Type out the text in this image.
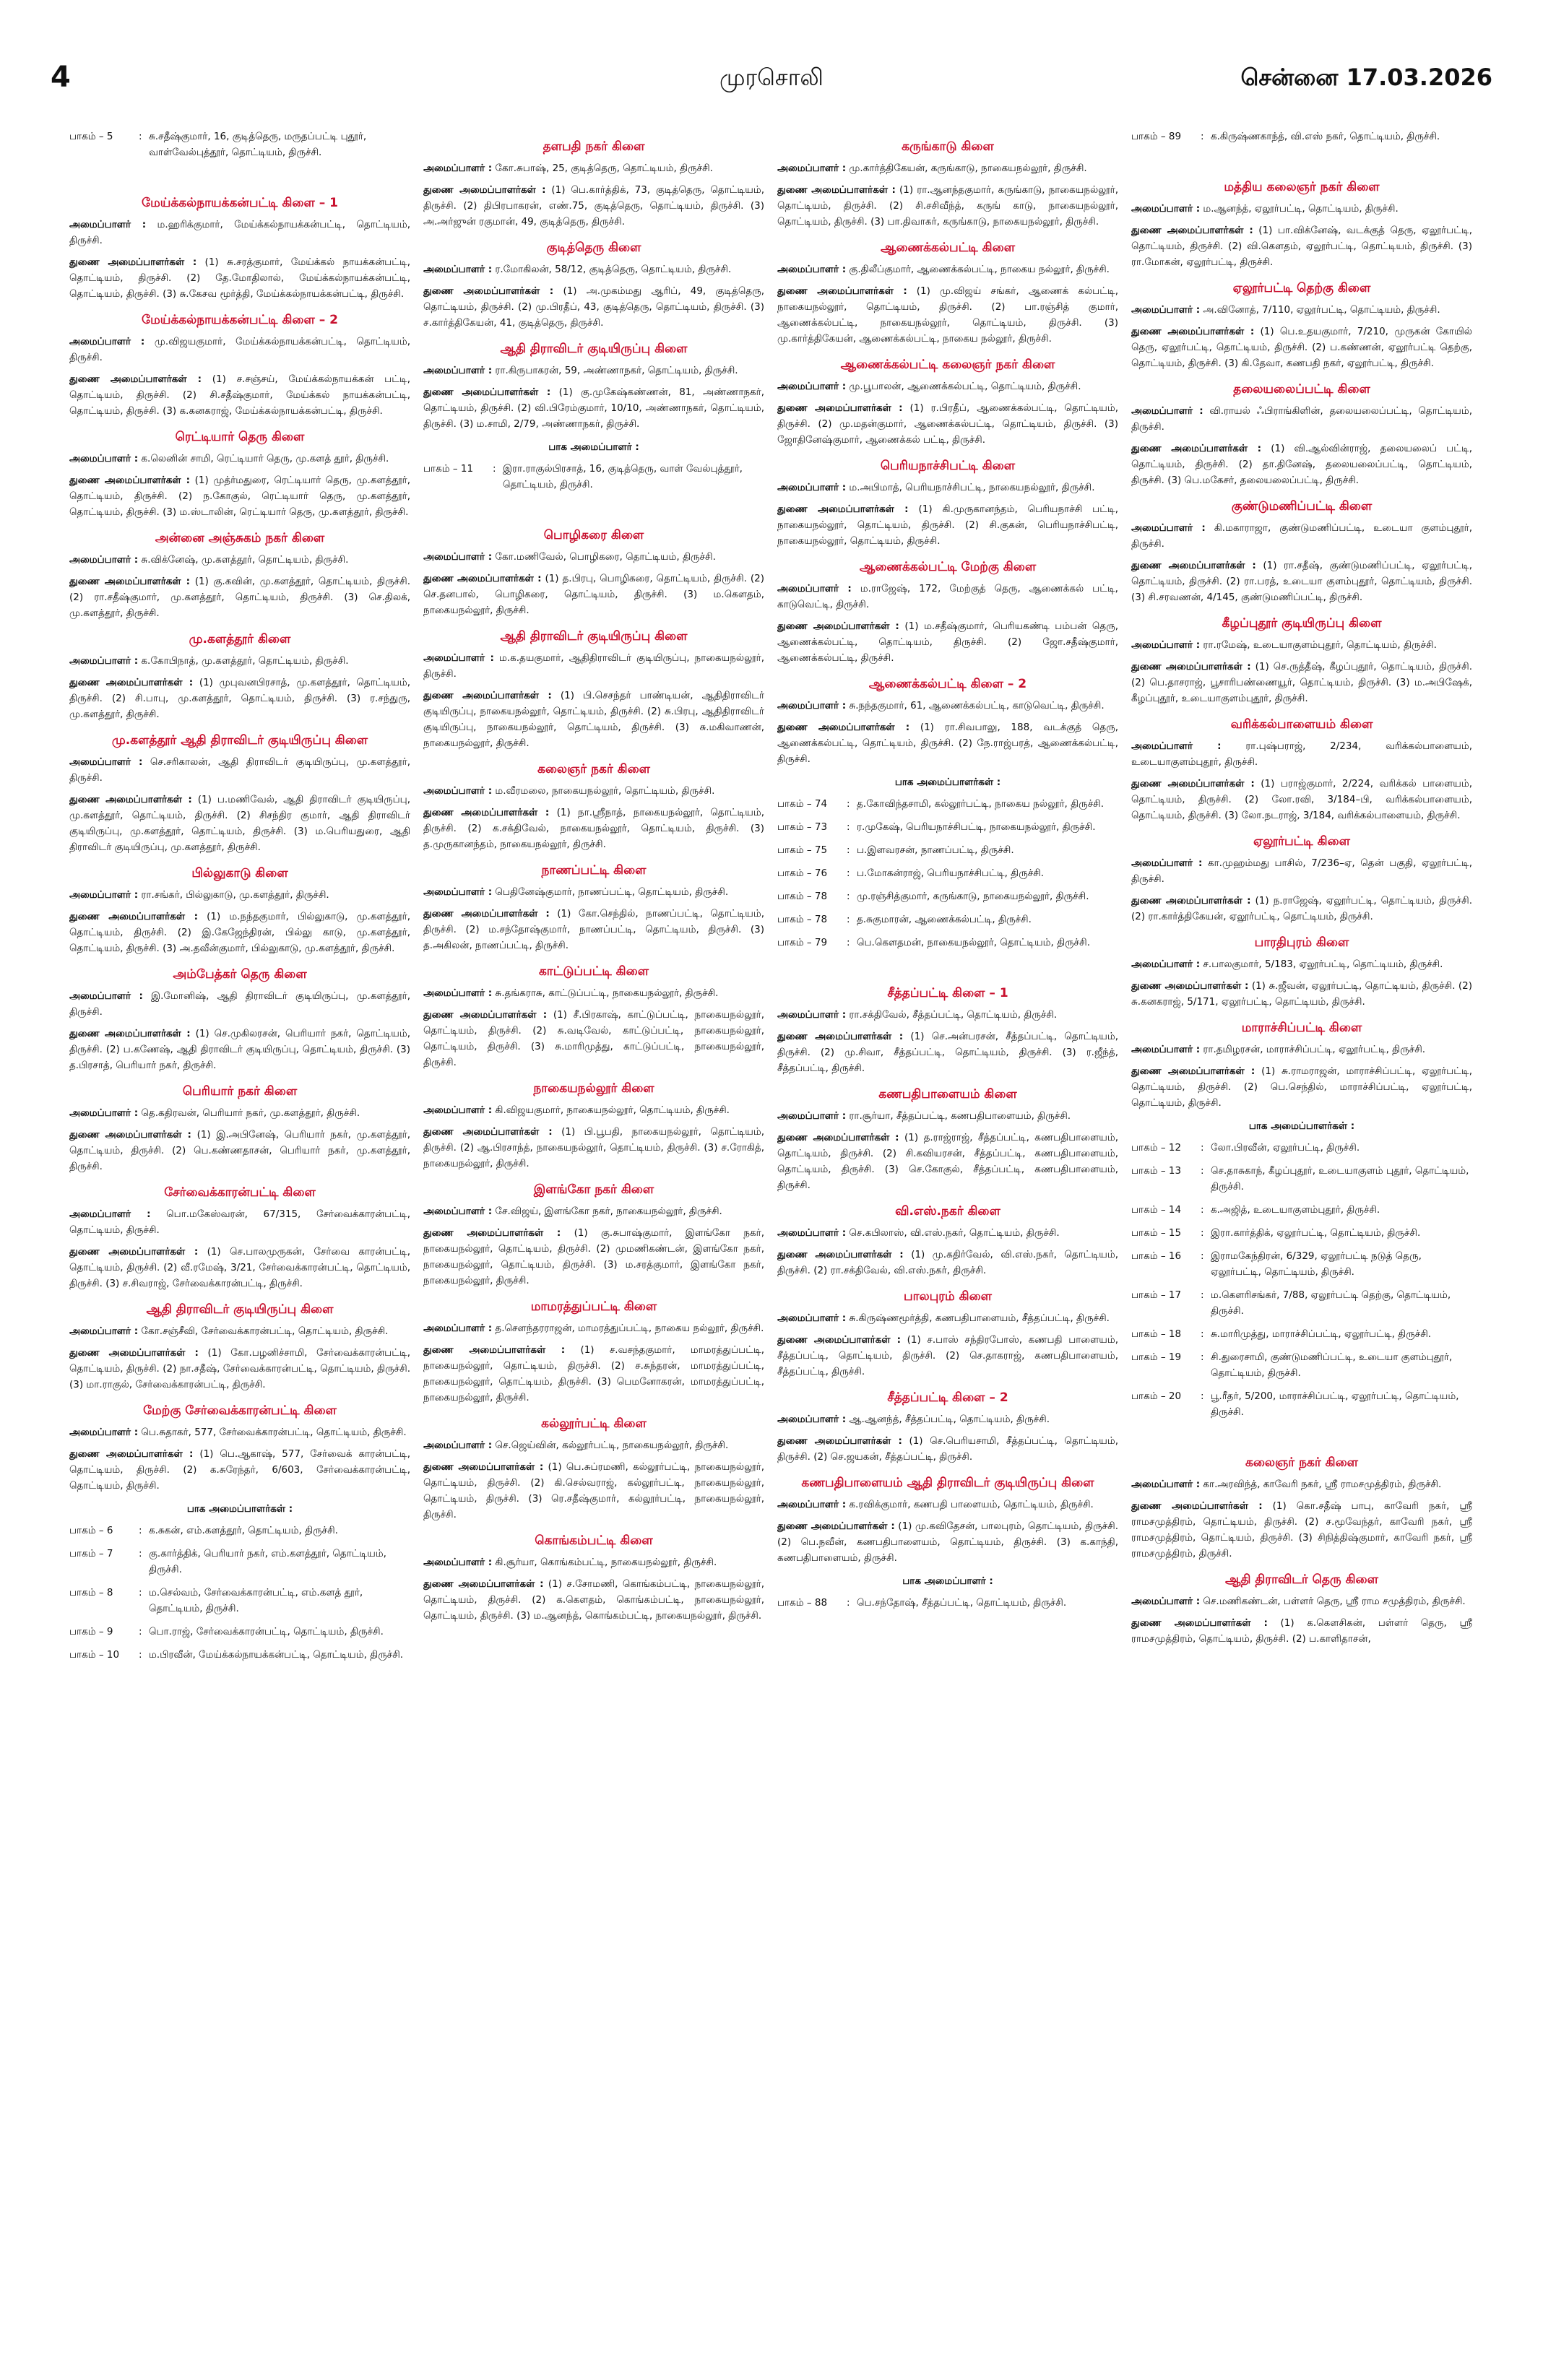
4	முரசொலி	சென்னை 17.03.2026
பாகம் – 5	: சு.சதீஷ்குமார், 16, குடித்தெரு, மருதப்பட்டி புதூர், வாள்வேல்புத்தூர், தொட்டியம், திருச்சி.
மேய்க்கல்நாயக்கன்பட்டி கிளை – 1
அமைப்பாளர் : ம.ஹரிக்குமார், மேய்க்கல்நாயக்கன்பட்டி, தொட்டியம், திருச்சி.
துணை அமைப்பாளர்கள் : (1) சு.சரத்குமார், மேய்க்கல் நாயக்கன்பட்டி, தொட்டியம், திருச்சி. (2) தே.மோதிலால், மேய்க்கல்நாயக்கன்பட்டி, தொட்டியம், திருச்சி. (3) சு.கேசவ மூர்த்தி, மேய்க்கல்நாயக்கன்பட்டி, திருச்சி.
மேய்க்கல்நாயக்கன்பட்டி கிளை – 2
அமைப்பாளர் : மு.விஜயகுமார், மேய்க்கல்நாயக்கன்பட்டி, தொட்டியம், திருச்சி.
துணை அமைப்பாளர்கள் : (1) ச.சஞ்சய், மேய்க்கல்நாயக்கன் பட்டி, தொட்டியம், திருச்சி. (2) சி.சதீஷ்குமார், மேய்க்கல் நாயக்கன்பட்டி, தொட்டியம், திருச்சி. (3) க.கனகராஜ், மேய்க்கல்நாயக்கன்பட்டி, திருச்சி.
ரெட்டியார் தெரு கிளை
அமைப்பாளர் : க.லெனின் சாமி, ரெட்டியார் தெரு, மு.களத் தூர், திருச்சி.
துணை அமைப்பாளர்கள் : (1) முத்ர்மதுரை, ரெட்டியார் தெரு, மு.களத்தூர், தொட்டியம், திருச்சி. (2) ந.கோகுல், ரெட்டியார் தெரு, மு.களத்தூர், தொட்டியம், திருச்சி. (3) ம.ஸ்டாலின், ரெட்டியார் தெரு, மு.களத்தூர், திருச்சி.
அன்னை அஞ்சுகம் நகர் கிளை
அமைப்பாளர் : சு.விக்னேஷ், மு.களத்தூர், தொட்டியம், திருச்சி.
துணை அமைப்பாளர்கள் : (1) கு.கவின், மு.களத்தூர், தொட்டியம், திருச்சி. (2) ரா.சதீஷ்குமார், மு.களத்தூர், தொட்டியம், திருச்சி. (3) செ.திலக், மு.களத்தூர், திருச்சி.
மு.களத்தூர் கிளை
அமைப்பாளர் : க.கோபிநாத், மு.களத்தூர், தொட்டியம், திருச்சி.
துணை அமைப்பாளர்கள் : (1) முபுவனபிரசாத், மு.களத்தூர், தொட்டியம், திருச்சி. (2) சி.பாபு, மு.களத்தூர், தொட்டியம், திருச்சி. (3) ர.சந்துரு, மு.களத்தூர், திருச்சி.
மு.களத்தூர் ஆதி திராவிடர் குடியிருப்பு கிளை
அமைப்பாளர் : செ.சரிகாலன், ஆதி திராவிடர் குடியிருப்பு, மு.களத்தூர், திருச்சி.
துணை அமைப்பாளர்கள் : (1) ப.மணிவேல், ஆதி திராவிடர் குடியிருப்பு, மு.களத்தூர், தொட்டியம், திருச்சி. (2) சிசந்திர குமார், ஆதி திராவிடர் குடியிருப்பு, மு.களத்தூர், தொட்டியம், திருச்சி. (3) ம.பெரியதுரை, ஆதி திராவிடர் குடியிருப்பு, மு.களத்தூர், திருச்சி.
பில்லுகாடு கிளை
அமைப்பாளர் : ரா.சங்கர், பில்லுகாடு, மு.களத்தூர், திருச்சி.
துணை அமைப்பாளர்கள் : (1) ம.நந்தகுமார், பில்லுகாடு, மு.களத்தூர், தொட்டியம், திருச்சி. (2) இ.கேஜேந்திரன், பில்லு காடு, மு.களத்தூர், தொட்டியம், திருச்சி. (3) அ.தவீன்குமார், பில்லுகாடு, மு.களத்தூர், திருச்சி.
அம்பேத்கர் தெரு கிளை
அமைப்பாளர் : இ.மோனிஷ், ஆதி திராவிடர் குடியிருப்பு, மு.களத்தூர், திருச்சி.
துணை அமைப்பாளர்கள் : (1) செ.முகிலரசன், பெரியார் நகர், தொட்டியம், திருச்சி. (2) ப.கணேஷ், ஆதி திராவிடர் குடியிருப்பு, தொட்டியம், திருச்சி. (3) த.பிரசாத், பெரியார் நகர், திருச்சி.
பெரியார் நகர் கிளை
அமைப்பாளர் : தெ.கதிரவன், பெரியார் நகர், மு.களத்தூர், திருச்சி.
துணை அமைப்பாளர்கள் : (1) இ.அபினேஷ், பெரியார் நகர், மு.களத்தூர், தொட்டியம், திருச்சி. (2) பெ.கண்ணதாசன், பெரியார் நகர், மு.களத்தூர், திருச்சி.
சேர்வைக்காரன்பட்டி கிளை
அமைப்பாளர் : பொ.மகேஸ்வரன், 67/315, சேர்வைக்காரன்பட்டி, தொட்டியம், திருச்சி.
துணை அமைப்பாளர்கள் : (1) செ.பாலமுருகன், சேர்வை காரன்பட்டி, தொட்டியம், திருச்சி. (2) வீ.ரமேஷ், 3/21, சேர்வைக்காரன்பட்டி, தொட்டியம், திருச்சி. (3) ச.சிவராஜ், சேர்வைக்காரன்பட்டி, திருச்சி.
ஆதி திராவிடர் குடியிருப்பு கிளை
அமைப்பாளர் : கோ.சஞ்சீவி, சேர்வைக்காரன்பட்டி, தொட்டியம், திருச்சி.
துணை அமைப்பாளர்கள் : (1) கோ.பழனிச்சாமி, சேர்வைக்காரன்பட்டி, தொட்டியம், திருச்சி. (2) நா.சதீஷ், சேர்வைக்காரன்பட்டி, தொட்டியம், திருச்சி. (3) மா.ராகுல், சேர்வைக்காரன்பட்டி, திருச்சி.
மேற்கு சேர்வைக்காரன்பட்டி கிளை
அமைப்பாளர் : பெ.சுதாகர், 577, சேர்வைக்காரன்பட்டி, தொட்டியம், திருச்சி.
துணை அமைப்பாளர்கள் : (1) பெ.ஆகாஷ், 577, சேர்வைக் காரன்பட்டி, தொட்டியம், திருச்சி. (2) க.சுரேந்தர், 6/603, சேர்வைக்காரன்பட்டி, தொட்டியம், திருச்சி.
பாக அமைப்பாளர்கள் :
பாகம் – 6	: க.சுகன், எம்.களத்தூர், தொட்டியம், திருச்சி.
பாகம் – 7	: கு.கார்த்திக், பெரியார் நகர், எம்.களத்தூர், தொட்டியம், திருச்சி.
பாகம் – 8	: ம.செல்வம், சேர்வைக்காரன்பட்டி, எம்.களத் தூர், தொட்டியம், திருச்சி.
பாகம் – 9	: பொ.ராஜ், சேர்வைக்காரன்பட்டி, தொட்டியம், திருச்சி.
பாகம் – 10	: ம.பிரவீன், மேய்க்கல்நாயக்கன்பட்டி, தொட்டியம், திருச்சி.
தளபதி நகர் கிளை
அமைப்பாளர் : கோ.சுபாஷ், 25, குடித்தெரு, தொட்டியம், திருச்சி.
துணை அமைப்பாளர்கள் : (1) பெ.கார்த்திக், 73, குடித்தெரு, தொட்டியம், திருச்சி. (2) திபிரபாகரன், எண்.75, குடித்தெரு, தொட்டியம், திருச்சி. (3) அ.அர்ஜுன் ரகுமான், 49, குடித்தெரு, திருச்சி.
குடித்தெரு கிளை
அமைப்பாளர் : ர.மோகிலன், 58/12, குடித்தெரு, தொட்டியம், திருச்சி.
துணை அமைப்பாளர்கள் : (1) அ.முகம்மது ஆரிப், 49, குடித்தெரு, தொட்டியம், திருச்சி. (2) மு.பிரதீப், 43, குடித்தெரு, தொட்டியம், திருச்சி. (3) ச.கார்த்திகேயன், 41, குடித்தெரு, திருச்சி.
ஆதி திராவிடர் குடியிருப்பு கிளை
அமைப்பாளர் : ரா.கிருபாகரன், 59, அண்ணாநகர், தொட்டியம், திருச்சி.
துணை அமைப்பாளர்கள் : (1) கு.முகேஷ்கண்ணன், 81, அண்ணாநகர், தொட்டியம், திருச்சி. (2) வி.பிரேம்குமார், 10/10, அண்ணாநகர், தொட்டியம், திருச்சி. (3) ம.சாமி, 2/79, அண்ணாநகர், திருச்சி.
பாக அமைப்பாளர் :
பாகம் – 11	: இரா.ராகுல்பிரசாத், 16, குடித்தெரு, வாள் வேல்புத்தூர், தொட்டியம், திருச்சி.
பொழிகரை கிளை
அமைப்பாளர் : கோ.மணிவேல், பொழிகரை, தொட்டியம், திருச்சி.
துணை அமைப்பாளர்கள் : (1) த.பிரபு, பொழிகரை, தொட்டியம், திருச்சி. (2) செ.தனபால், பொழிகரை, தொட்டியம், திருச்சி. (3) ம.கௌதம், நாகையநல்லூர், திருச்சி.
ஆதி திராவிடர் குடியிருப்பு கிளை
அமைப்பாளர் : ம.க.தயகுமார், ஆதிதிராவிடர் குடியிருப்பு, நாகையநல்லூர், திருச்சி.
துணை அமைப்பாளர்கள் : (1) பி.செசந்தர் பாண்டியன், ஆதிதிராவிடர் குடியிருப்பு, நாகையநல்லூர், தொட்டியம், திருச்சி. (2) சு.பிரபு, ஆதிதிராவிடர் குடியிருப்பு, நாகையநல்லூர், தொட்டியம், திருச்சி. (3) சு.மகிவாணன், நாகையநல்லூர், திருச்சி.
கலைஞர் நகர் கிளை
அமைப்பாளர் : ம.வீரமலை, நாகையநல்லூர், தொட்டியம், திருச்சி.
துணை அமைப்பாளர்கள் : (1) நா.ஸ்ரீநாத், நாகையநல்லூர், தொட்டியம், திருச்சி. (2) க.சக்திவேல், நாகையநல்லூர், தொட்டியம், திருச்சி. (3) த.முருகானந்தம், நாகையநல்லூர், திருச்சி.
நாணப்பட்டி கிளை
அமைப்பாளர் : பெதினேஷ்குமார், நாணப்பட்டி, தொட்டியம், திருச்சி.
துணை அமைப்பாளர்கள் : (1) கோ.செந்தில், நாணப்பட்டி, தொட்டியம், திருச்சி. (2) ம.சந்தோஷ்குமார், நாணப்பட்டி, தொட்டியம், திருச்சி. (3) த.அகிலன், நாணப்பட்டி, திருச்சி.
காட்டுப்பட்டி கிளை
அமைப்பாளர் : சு.தங்கராசு, காட்டுப்பட்டி, நாகையநல்லூர், திருச்சி.
துணை அமைப்பாளர்கள் : (1) சீ.பிரகாஷ், காட்டுப்பட்டி, நாகையநல்லூர், தொட்டியம், திருச்சி. (2) சு.வடிவேல், காட்டுப்பட்டி, நாகையநல்லூர், தொட்டியம், திருச்சி. (3) சு.மாரிமுத்து, காட்டுப்பட்டி, நாகையநல்லூர், திருச்சி.
நாகையநல்லூர் கிளை
அமைப்பாளர் : கி.விஜயகுமார், நாகையநல்லூர், தொட்டியம், திருச்சி.
துணை அமைப்பாளர்கள் : (1) பி.பூபதி, நாகையநல்லூர், தொட்டியம், திருச்சி. (2) ஆ.பிரசாந்த், நாகையநல்லூர், தொட்டியம், திருச்சி. (3) ச.ரோகித், நாகையநல்லூர், திருச்சி.
இளங்கோ நகர் கிளை
அமைப்பாளர் : சே.விஜய், இளங்கோ நகர், நாகையநல்லூர், திருச்சி.
துணை அமைப்பாளர்கள் : (1) கு.சுபாஷ்குமார், இளங்கோ நகர், நாகையநல்லூர், தொட்டியம், திருச்சி. (2) முமணிகண்டன், இளங்கோ நகர், நாகையநல்லூர், தொட்டியம், திருச்சி. (3) ம.சரத்குமார், இளங்கோ நகர், நாகையநல்லூர், திருச்சி.
மாமரத்துப்பட்டி கிளை
அமைப்பாளர் : த.சௌந்தரராஜன், மாமரத்துப்பட்டி, நாகைய நல்லூர், திருச்சி.
துணை அமைப்பாளர்கள் : (1) ச.வசந்தகுமார், மாமரத்துப்பட்டி, நாகையநல்லூர், தொட்டியம், திருச்சி. (2) ச.சுந்தரன், மாமரத்துப்பட்டி, நாகையநல்லூர், தொட்டியம், திருச்சி. (3) பெமனோகரன், மாமரத்துப்பட்டி, நாகையநல்லூர், திருச்சி.
கல்லூர்பட்டி கிளை
அமைப்பாளர் : செ.ஜெய்வின், கல்லூர்பட்டி, நாகையநல்லூர், திருச்சி.
துணை அமைப்பாளர்கள் : (1) பெ.சுப்ரமணி, கல்லூர்பட்டி, நாகையநல்லூர், தொட்டியம், திருச்சி. (2) கி.செல்வராஜ், கல்லூர்பட்டி, நாகையநல்லூர், தொட்டியம், திருச்சி. (3) ரெ.சதீஷ்குமார், கல்லூர்பட்டி, நாகையநல்லூர், திருச்சி.
கொங்கம்பட்டி கிளை
அமைப்பாளர் : கி.சூர்யா, கொங்கம்பட்டி, நாகையநல்லூர், திருச்சி.
துணை அமைப்பாளர்கள் : (1) ச.சோமணி, கொங்கம்பட்டி, நாகையநல்லூர், தொட்டியம், திருச்சி. (2) க.கௌதம், கொங்கம்பட்டி, நாகையநல்லூர், தொட்டியம், திருச்சி. (3) ம.ஆனந்த், கொங்கம்பட்டி, நாகையநல்லூர், திருச்சி.
கருங்காடு கிளை
அமைப்பாளர் : மு.கார்த்திகேயன், கருங்காடு, நாகையநல்லூர், திருச்சி.
துணை அமைப்பாளர்கள் : (1) ரா.ஆனந்தகுமார், கருங்காடு, நாகையநல்லூர், தொட்டியம், திருச்சி. (2) சி.சசிவீந்த், கருங் காடு, நாகையநல்லூர், தொட்டியம், திருச்சி. (3) பா.திவாகர், கருங்காடு, நாகையநல்லூர், திருச்சி.
ஆணைக்கல்பட்டி கிளை
அமைப்பாளர் : கு.திலீப்குமார், ஆணைக்கல்பட்டி, நாகைய நல்லூர், திருச்சி.
துணை அமைப்பாளர்கள் : (1) மு.விஜய் சங்கர், ஆணைக் கல்பட்டி, நாகையநல்லூர், தொட்டியம், திருச்சி. (2) பா.ரஞ்சித் குமார், ஆணைக்கல்பட்டி, நாகையநல்லூர், தொட்டியம், திருச்சி. (3) மு.கார்த்திகேயன், ஆணைக்கல்பட்டி, நாகைய நல்லூர், திருச்சி.
ஆணைக்கல்பட்டி கலைஞர் நகர் கிளை
அமைப்பாளர் : மு.பூபாலன், ஆணைக்கல்பட்டி, தொட்டியம், திருச்சி.
துணை அமைப்பாளர்கள் : (1) ர.பிரதீப், ஆணைக்கல்பட்டி, தொட்டியம், திருச்சி. (2) மு.மதன்குமார், ஆணைக்கல்பட்டி, தொட்டியம், திருச்சி. (3) ஜோதினேஷ்குமார், ஆணைக்கல் பட்டி, திருச்சி.
பெரியநாச்சிபட்டி கிளை
அமைப்பாளர் : ம.அபிமாத், பெரியநாச்சிபட்டி, நாகையநல்லூர், திருச்சி.
துணை அமைப்பாளர்கள் : (1) கி.முருகானந்தம், பெரியநாச்சி பட்டி, நாகையநல்லூர், தொட்டியம், திருச்சி. (2) சி.குகன், பெரியநாச்சிபட்டி, நாகையநல்லூர், தொட்டியம், திருச்சி.
ஆணைக்கல்பட்டி மேற்கு கிளை
அமைப்பாளர் : ம.ராஜேஷ், 172, மேற்குத் தெரு, ஆணைக்கல் பட்டி, காடுவெட்டி, திருச்சி.
துணை அமைப்பாளர்கள் : (1) ம.சதீஷ்குமார், பெரியகண்டி பம்பன் தெரு, ஆணைக்கல்பட்டி, தொட்டியம், திருச்சி. (2) ஜோ.சதீஷ்குமார், ஆணைக்கல்பட்டி, திருச்சி.
ஆணைக்கல்பட்டி கிளை – 2
அமைப்பாளர் : சு.நந்தகுமார், 61, ஆணைக்கல்பட்டி, காடுவெட்டி, திருச்சி.
துணை அமைப்பாளர்கள் : (1) ரா.சிவபாலு, 188, வடக்குத் தெரு, ஆணைக்கல்பட்டி, தொட்டியம், திருச்சி. (2) நே.ராஜ்பரத், ஆணைக்கல்பட்டி, திருச்சி.
பாக அமைப்பாளர்கள் :
பாகம் – 74	: த.கோவிந்தசாமி, கல்லூர்பட்டி, நாகைய நல்லூர், திருச்சி.
பாகம் – 73	: ர.முகேஷ், பெரியநாச்சிபட்டி, நாகையநல்லூர், திருச்சி.
பாகம் – 75	: ப.இளவரசன், நாணப்பட்டி, திருச்சி.
பாகம் – 76	: ப.மோகன்ராஜ், பெரியநாச்சிபட்டி, திருச்சி.
பாகம் – 78	: மு.ரஞ்சித்குமார், கருங்காடு, நாகையநல்லூர், திருச்சி.
பாகம் – 78	: த.சுகுமாரன், ஆணைக்கல்பட்டி, திருச்சி.
பாகம் – 79	: பெ.கௌதமன், நாகையநல்லூர், தொட்டியம், திருச்சி.
சீத்தப்பட்டி கிளை – 1
அமைப்பாளர் : ரா.சக்திவேல், சீத்தப்பட்டி, தொட்டியம், திருச்சி.
துணை அமைப்பாளர்கள் : (1) செ.அன்பரசன், சீத்தப்பட்டி, தொட்டியம், திருச்சி. (2) மு.சிவா, சீத்தப்பட்டி, தொட்டியம், திருச்சி. (3) ர.ஜீந்த், சீத்தப்பட்டி, திருச்சி.
கணபதிபாளையம் கிளை
அமைப்பாளர் : ரா.சூர்யா, சீத்தப்பட்டி, கணபதிபாளையம், திருச்சி.
துணை அமைப்பாளர்கள் : (1) த.ராஜ்ராஜ், சீத்தப்பட்டி, கணபதிபாளையம், தொட்டியம், திருச்சி. (2) சி.கவியரசன், சீத்தப்பட்டி, கணபதிபாளையம், தொட்டியம், திருச்சி. (3) செ.கோகுல், சீத்தப்பட்டி, கணபதிபாளையம், திருச்சி.
வி.எஸ்.நகர் கிளை
அமைப்பாளர் : செ.கபிலாஸ், வி.எஸ்.நகர், தொட்டியம், திருச்சி.
துணை அமைப்பாளர்கள் : (1) மு.கதிர்வேல், வி.எஸ்.நகர், தொட்டியம், திருச்சி. (2) ரா.சக்திவேல், வி.எஸ்.நகர், திருச்சி.
பாலபுரம் கிளை
அமைப்பாளர் : சு.கிருஷ்ணமூர்த்தி, கணபதிபாளையம், சீத்தப்பட்டி, திருச்சி.
துணை அமைப்பாளர்கள் : (1) ச.பாஸ் சந்திரபோஸ், கணபதி பாளையம், சீத்தப்பட்டி, தொட்டியம், திருச்சி. (2) செ.தாகராஜ், கணபதிபாளையம், சீத்தப்பட்டி, திருச்சி.
சீத்தப்பட்டி கிளை – 2
அமைப்பாளர் : ஆ.ஆனந்த், சீத்தப்பட்டி, தொட்டியம், திருச்சி.
துணை அமைப்பாளர்கள் : (1) செ.பெரியசாமி, சீத்தப்பட்டி, தொட்டியம், திருச்சி. (2) செ.ஜயகன், சீத்தப்பட்டி, திருச்சி.
கணபதிபாளையம் ஆதி திராவிடர் குடியிருப்பு கிளை
அமைப்பாளர் : க.ரவிக்குமார், கணபதி பாளையம், தொட்டியம், திருச்சி.
துணை அமைப்பாளர்கள் : (1) மு.கவிதேசன், பாலபுரம், தொட்டியம், திருச்சி. (2) பெ.நவீன், கணபதிபாளையம், தொட்டியம், திருச்சி. (3) க.காந்தி, கணபதிபாளையம், திருச்சி.
பாக அமைப்பாளர் :
பாகம் – 88	: பெ.சந்தோஷ், சீத்தப்பட்டி, தொட்டியம், திருச்சி.
பாகம் – 89	: க.கிருஷ்ணகாந்த், வி.எஸ் நகர், தொட்டியம், திருச்சி.
மத்திய கலைஞர் நகர் கிளை
அமைப்பாளர் : ம.ஆனந்த், ஏலூர்பட்டி, தொட்டியம், திருச்சி.
துணை அமைப்பாளர்கள் : (1) பா.விக்னேஷ், வடக்குத் தெரு, ஏலூர்பட்டி, தொட்டியம், திருச்சி. (2) வி.கௌதம், ஏலூர்பட்டி, தொட்டியம், திருச்சி. (3) ரா.மோகன், ஏலூர்பட்டி, திருச்சி.
ஏலூர்பட்டி தெற்கு கிளை
அமைப்பாளர் : அ.வினோத், 7/110, ஏலூர்பட்டி, தொட்டியம், திருச்சி.
துணை அமைப்பாளர்கள் : (1) பெ.உதயகுமார், 7/210, முருகன் கோயில் தெரு, ஏலூர்பட்டி, தொட்டியம், திருச்சி. (2) ப.கண்ணன், ஏலூர்பட்டி தெற்கு, தொட்டியம், திருச்சி. (3) கி.தேவா, கணபதி நகர், ஏலூர்பட்டி, திருச்சி.
தலையலைப்பட்டி கிளை
அமைப்பாளர் : வி.ராயல் ஃபிராங்கிளின், தலையலைப்பட்டி, தொட்டியம், திருச்சி.
துணை அமைப்பாளர்கள் : (1) வி.ஆல்வின்ராஜ், தலையலைப் பட்டி, தொட்டியம், திருச்சி. (2) தா.தினேஷ், தலையலைப்பட்டி, தொட்டியம், திருச்சி. (3) பெ.மகேசர், தலையலைப்பட்டி, திருச்சி.
குண்டுமணிப்பட்டி கிளை
அமைப்பாளர் : கி.மகாராஜா, குண்டுமணிப்பட்டி, உடையா குளம்புதூர், திருச்சி.
துணை அமைப்பாளர்கள் : (1) ரா.சதீஷ், குண்டுமணிப்பட்டி, ஏலூர்பட்டி, தொட்டியம், திருச்சி. (2) ரா.பரத், உடையா குளம்புதூர், தொட்டியம், திருச்சி. (3) சி.சரவணன், 4/145, குண்டுமணிப்பட்டி, திருச்சி.
கீழப்புதூர் குடியிருப்பு கிளை
அமைப்பாளர் : ரா.ரமேஷ், உடையாகுளம்புதூர், தொட்டியம், திருச்சி.
துணை அமைப்பாளர்கள் : (1) செ.ருத்தீஷ், கீழப்புதூர், தொட்டியம், திருச்சி. (2) பெ.தாசராஜ், பூசாரிபண்ணையூர், தொட்டியம், திருச்சி. (3) ம.அபிஷேக், கீழப்புதூர், உடையாகுளம்புதூர், திருச்சி.
வரிக்கல்பாளையம் கிளை
அமைப்பாளர் :	ரா.புஷ்பராஜ், 2/234, வரிக்கல்பாளையம், உடையாகுளம்புதூர், திருச்சி.
துணை அமைப்பாளர்கள் : (1) பராஜ்குமார், 2/224, வரிக்கல் பாளையம், தொட்டியம், திருச்சி. (2) லோ.ரவி, 3/184–பி, வரிக்கல்பாளையம், தொட்டியம், திருச்சி. (3) லோ.நடராஜ், 3/184, வரிக்கல்பாளையம், திருச்சி.
ஏலூர்பட்டி கிளை
அமைப்பாளர் : கா.முஹம்மது பாசில், 7/236–ஏ, தென் பகுதி, ஏலூர்பட்டி, திருச்சி.
துணை அமைப்பாளர்கள் : (1) ந.ராஜேஷ், ஏலூர்பட்டி, தொட்டியம், திருச்சி. (2) ரா.கார்த்திகேயன், ஏலூர்பட்டி, தொட்டியம், திருச்சி.
பாரதிபுரம் கிளை
அமைப்பாளர் : ச.பாலகுமார், 5/183, ஏலூர்பட்டி, தொட்டியம், திருச்சி.
துணை அமைப்பாளர்கள் : (1) சு.ஜீவன், ஏலூர்பட்டி, தொட்டியம், திருச்சி. (2) சு.கனகராஜ், 5/171, ஏலூர்பட்டி, தொட்டியம், திருச்சி.
மாராச்சிப்பட்டி கிளை
அமைப்பாளர் : ரா.தமிழரசன், மாராச்சிப்பட்டி, ஏலூர்பட்டி, திருச்சி.
துணை அமைப்பாளர்கள் : (1) சு.ராமராஜன், மாராச்சிப்பட்டி, ஏலூர்பட்டி, தொட்டியம், திருச்சி. (2) பெ.செந்தில், மாராச்சிப்பட்டி, ஏலூர்பட்டி, தொட்டியம், திருச்சி.
பாக அமைப்பாளர்கள் :
பாகம் – 12	: லோ.பிரவீன், ஏலூர்பட்டி, திருச்சி.
பாகம் – 13	: செ.தாசுகாந், கீழப்புதூர், உடையாகுளம் புதூர், தொட்டியம், திருச்சி.
பாகம் – 14	: க.அஜித், உடையாகுளம்புதூர், திருச்சி.
பாகம் – 15	: இரா.கார்த்திக், ஏலூர்பட்டி, தொட்டியம், திருச்சி.
பாகம் – 16	: இராமகேந்திரன், 6/329, ஏலூர்பட்டி நடுத் தெரு, ஏலூர்பட்டி, தொட்டியம், திருச்சி.
பாகம் – 17	: ம.கெளரிசங்கர், 7/88, ஏலூர்பட்டி தெற்கு, தொட்டியம், திருச்சி.
பாகம் – 18	: சு.மாரிமுத்து, மாராச்சிப்பட்டி, ஏலூர்பட்டி, திருச்சி.
பாகம் – 19	: சி.துரைசாமி, குண்டுமணிப்பட்டி, உடையா குளம்புதூர், தொட்டியம், திருச்சி.
பாகம் – 20	: பூ.ரீதர், 5/200, மாராச்சிப்பட்டி, ஏலூர்பட்டி, தொட்டியம், திருச்சி.
கலைஞர் நகர் கிளை
அமைப்பாளர் : கா.அரவிந்த், காவேரி நகர், ஸ்ரீ ராமசமுத்திரம், திருச்சி.
துணை அமைப்பாளர்கள் : (1) கொ.சதீஷ் பாபு, காவேரி நகர், ஸ்ரீ ராமசமுத்திரம், தொட்டியம், திருச்சி. (2) ச.மூவேந்தர், காவேரி நகர், ஸ்ரீ ராமசமுத்திரம், தொட்டியம், திருச்சி. (3) சிநித்திஷ்குமார், காவேரி நகர், ஸ்ரீ ராமசமுத்திரம், திருச்சி.
ஆதி திராவிடர் தெரு கிளை
அமைப்பாளர் : செ.மணிகண்டன், பள்ளர் தெரு, ஸ்ரீ ராம சமுத்திரம், திருச்சி.
துணை அமைப்பாளர்கள் : (1) க.கௌசிகன், பள்ளர் தெரு, ஸ்ரீ ராமசமுத்திரம், தொட்டியம், திருச்சி. (2) ப.காளிதாசன்,
